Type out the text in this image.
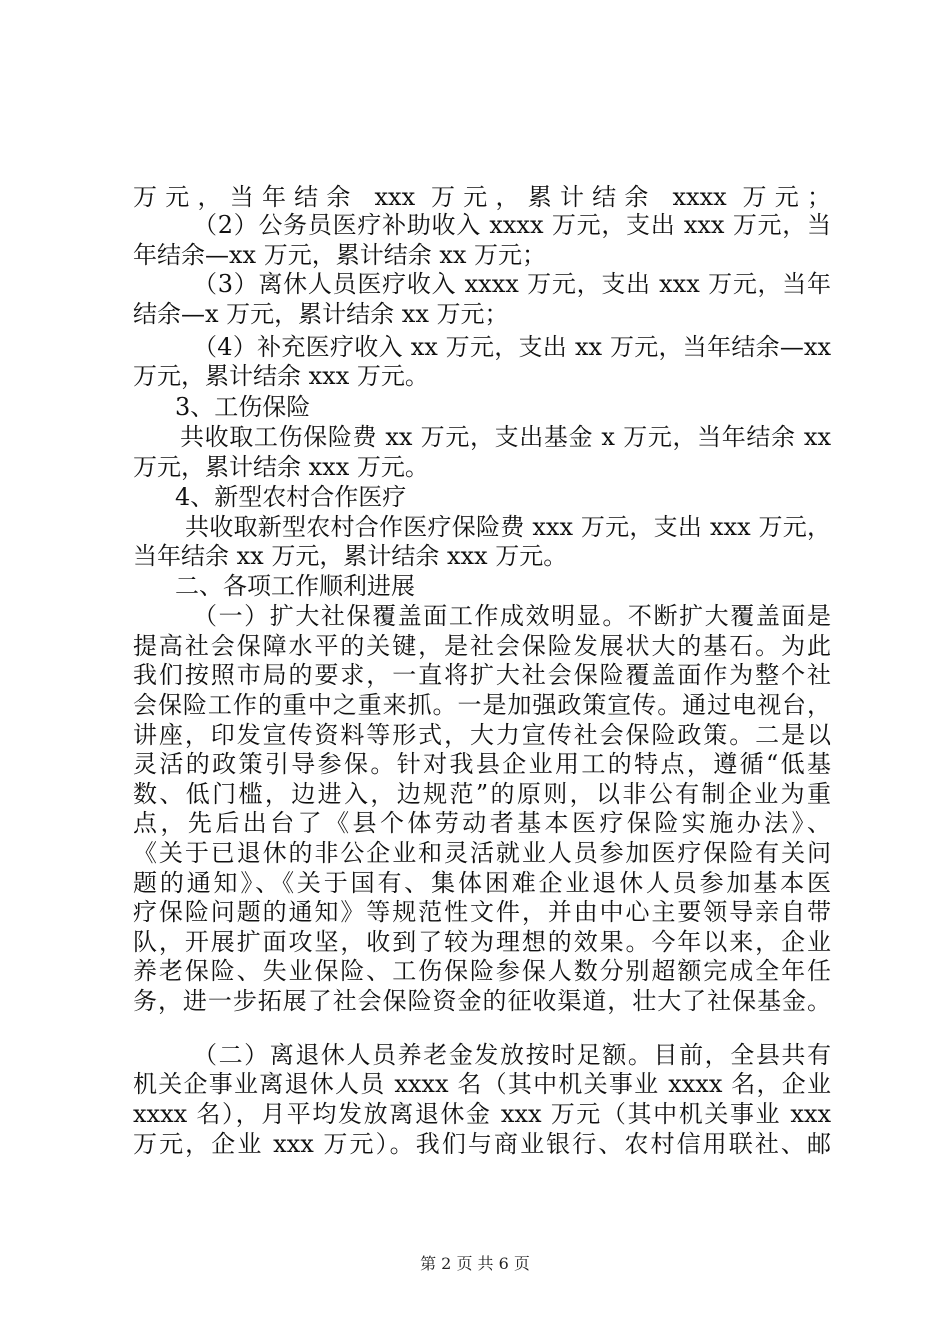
万元，当年结余 xxx 万元，累计结余 xxxx 万元；
（2）公务员医疗补助收入 xxxx 万元，支出 xxx 万元，当
年结余—xx 万元，累计结余 xx 万元；
（3）离休人员医疗收入 xxxx 万元，支出 xxx 万元，当年
结余—x 万元，累计结余 xx 万元；
（4）补充医疗收入 xx 万元，支出 xx 万元，当年结余—xx
万元，累计结余 xxx 万元。
3、工伤保险
共收取工伤保险费 xx 万元，支出基金 x 万元，当年结余 xx
万元，累计结余 xxx 万元。
4、新型农村合作医疗
共收取新型农村合作医疗保险费 xxx 万元，支出 xxx 万元，
当年结余 xx 万元，累计结余 xxx 万元。
二、各项工作顺利进展
（一）扩大社保覆盖面工作成效明显。不断扩大覆盖面是
提高社会保障水平的关键，是社会保险发展状大的基石。为此
我们按照市局的要求，一直将扩大社会保险覆盖面作为整个社
会保险工作的重中之重来抓。一是加强政策宣传。通过电视台，
讲座，印发宣传资料等形式，大力宣传社会保险政策。二是以
灵活的政策引导参保。针对我县企业用工的特点，遵循“低基
数、低门槛，边进入，边规范”的原则，以非公有制企业为重
点，先后出台了《县个体劳动者基本医疗保险实施办法》、
《关于已退休的非公企业和灵活就业人员参加医疗保险有关问
题的通知》、《关于国有、集体困难企业退休人员参加基本医
疗保险问题的通知》等规范性文件，并由中心主要领导亲自带
队，开展扩面攻坚，收到了较为理想的效果。今年以来，企业
养老保险、失业保险、工伤保险参保人数分别超额完成全年任
务，进一步拓展了社会保险资金的征收渠道，壮大了社保基金。
（二）离退休人员养老金发放按时足额。目前，全县共有
机关企事业离退休人员 xxxx 名（其中机关事业 xxxx 名，企业
xxxx 名），月平均发放离退休金 xxx 万元（其中机关事业 xxx
万元，企业 xxx 万元）。我们与商业银行、农村信用联社、邮
第 2 页 共 6 页
